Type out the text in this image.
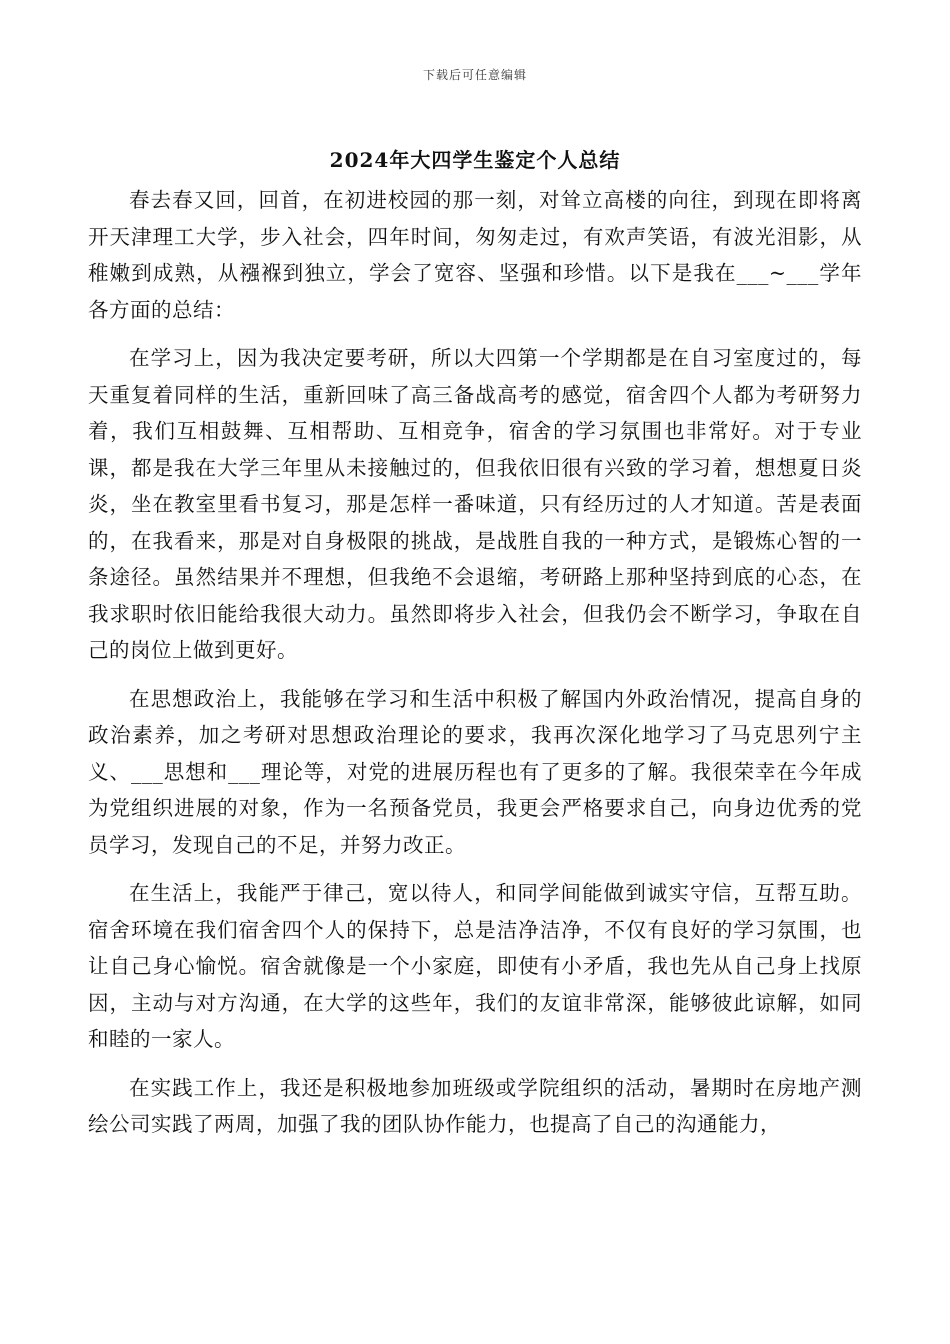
下载后可任意编辑
2024年大四学生鉴定个人总结

春去春又回，回首，在初进校园的那一刻，对耸立高楼的向往，到现在即将离开天津理工大学，步入社会，四年时间，匆匆走过，有欢声笑语，有波光泪影，从稚嫩到成熟，从襁褓到独立，学会了宽容、坚强和珍惜。以下是我在___~___学年各方面的总结：

在学习上，因为我决定要考研，所以大四第一个学期都是在自习室度过的，每天重复着同样的生活，重新回味了高三备战高考的感觉，宿舍四个人都为考研努力着，我们互相鼓舞、互相帮助、互相竞争，宿舍的学习氛围也非常好。对于专业课，都是我在大学三年里从未接触过的，但我依旧很有兴致的学习着，想想夏日炎炎，坐在教室里看书复习，那是怎样一番味道，只有经历过的人才知道。苦是表面的，在我看来，那是对自身极限的挑战，是战胜自我的一种方式，是锻炼心智的一条途径。虽然结果并不理想，但我绝不会退缩，考研路上那种坚持到底的心态，在我求职时依旧能给我很大动力。虽然即将步入社会，但我仍会不断学习，争取在自己的岗位上做到更好。

在思想政治上，我能够在学习和生活中积极了解国内外政治情况，提高自身的政治素养，加之考研对思想政治理论的要求，我再次深化地学习了马克思列宁主义、___思想和___理论等，对党的进展历程也有了更多的了解。我很荣幸在今年成为党组织进展的对象，作为一名预备党员，我更会严格要求自己，向身边优秀的党员学习，发现自己的不足，并努力改正。

在生活上，我能严于律己，宽以待人，和同学间能做到诚实守信，互帮互助。宿舍环境在我们宿舍四个人的保持下，总是洁净洁净，不仅有良好的学习氛围，也让自己身心愉悦。宿舍就像是一个小家庭，即使有小矛盾，我也先从自己身上找原因，主动与对方沟通，在大学的这些年，我们的友谊非常深，能够彼此谅解，如同和睦的一家人。

在实践工作上，我还是积极地参加班级或学院组织的活动，暑期时在房地产测绘公司实践了两周，加强了我的团队协作能力，也提高了自己的沟通能力，
